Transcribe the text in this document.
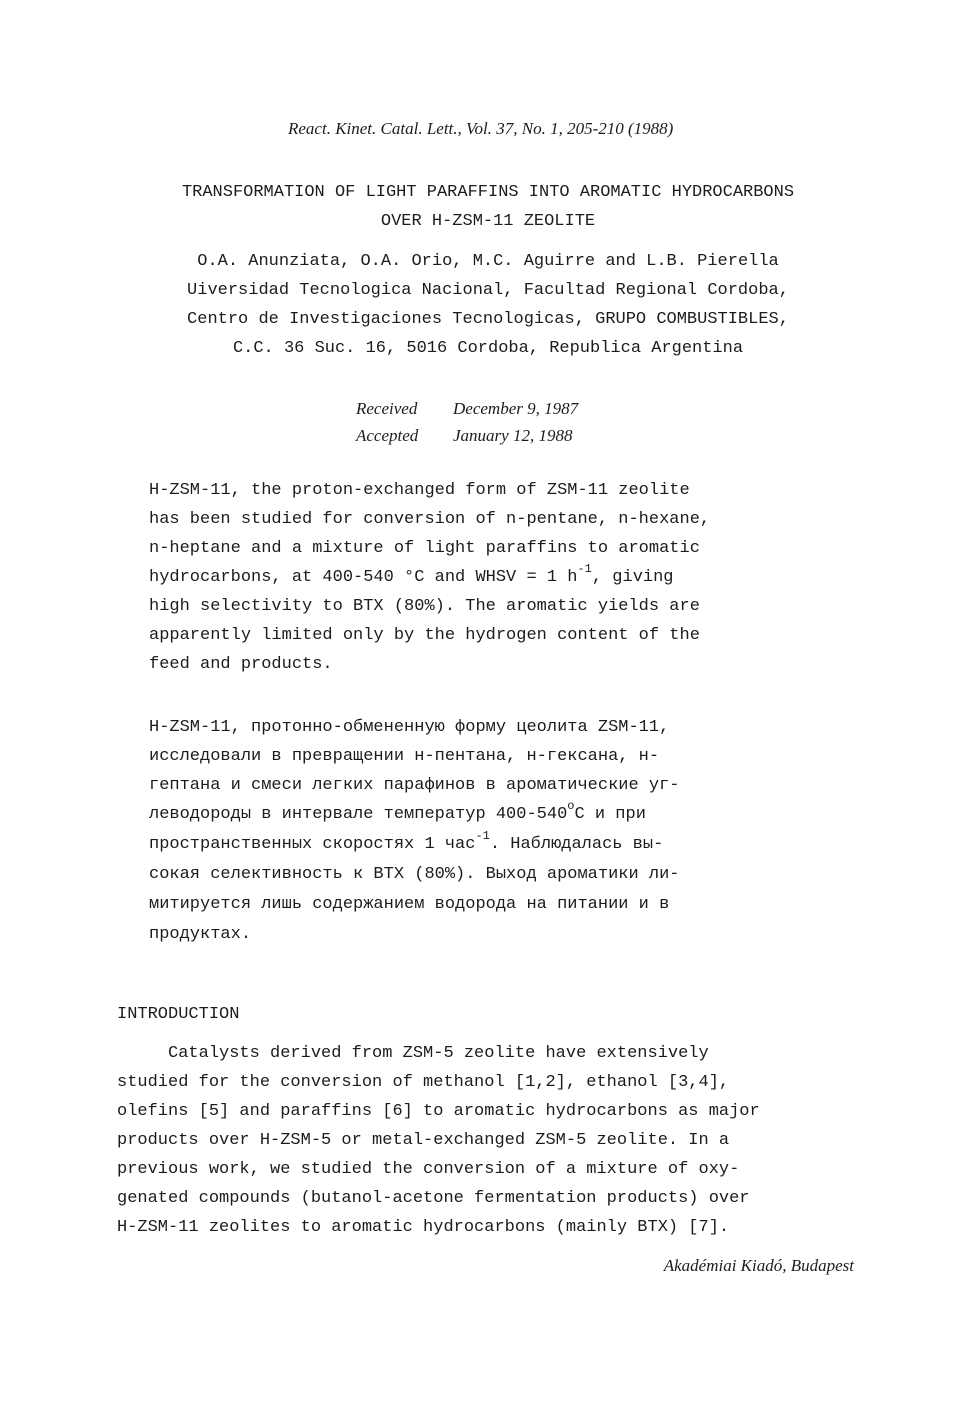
React. Kinet. Catal. Lett., Vol. 37, No. 1, 205-210 (1988)
TRANSFORMATION OF LIGHT PARAFFINS INTO AROMATIC HYDROCARBONS
OVER H-ZSM-11 ZEOLITE
O.A. Anunziata, O.A. Orio, M.C. Aguirre and L.B. Pierella
Uiversidad Tecnologica Nacional, Facultad Regional Cordoba,
Centro de Investigaciones Tecnologicas, GRUPO COMBUSTIBLES,
C.C. 36 Suc. 16, 5016 Cordoba, Republica Argentina
Received December 9, 1987
Accepted January 12, 1988
H-ZSM-11, the proton-exchanged form of ZSM-11 zeolite
has been studied for conversion of n-pentane, n-hexane,
n-heptane and a mixture of light paraffins to aromatic
hydrocarbons, at 400-540 °C and WHSV = 1 $h^{-1}$, giving
high selectivity to BTX (80%). The aromatic yields are
apparently limited only by the hydrogen content of the
feed and products.
H-ZSM-11, протонно-обмененную форму цеолита ZSM-11,
исследовали в превращении н-пентана, н-гексана, н-
гептана и смеси легких парафинов в ароматические уг-
леводороды в интервале температур 400-540$^o$C и при
пространственных скоростях 1 час$^{-1}$. Наблюдалась вы-
сокая селективность к BTX (80%). Выход ароматики ли-
митируется лишь содержанием водорода на питании и в
продуктах.
INTRODUCTION
Catalysts derived from ZSM-5 zeolite have extensively
studied for the conversion of methanol [1,2], ethanol [3,4],
olefins [5] and paraffins [6] to aromatic hydrocarbons as major
products over H-ZSM-5 or metal-exchanged ZSM-5 zeolite. In a
previous work, we studied the conversion of a mixture of oxy-
genated compounds (butanol-acetone fermentation products) over
H-ZSM-11 zeolites to aromatic hydrocarbons (mainly BTX) [7].
Akadémiai Kiadó, Budapest
